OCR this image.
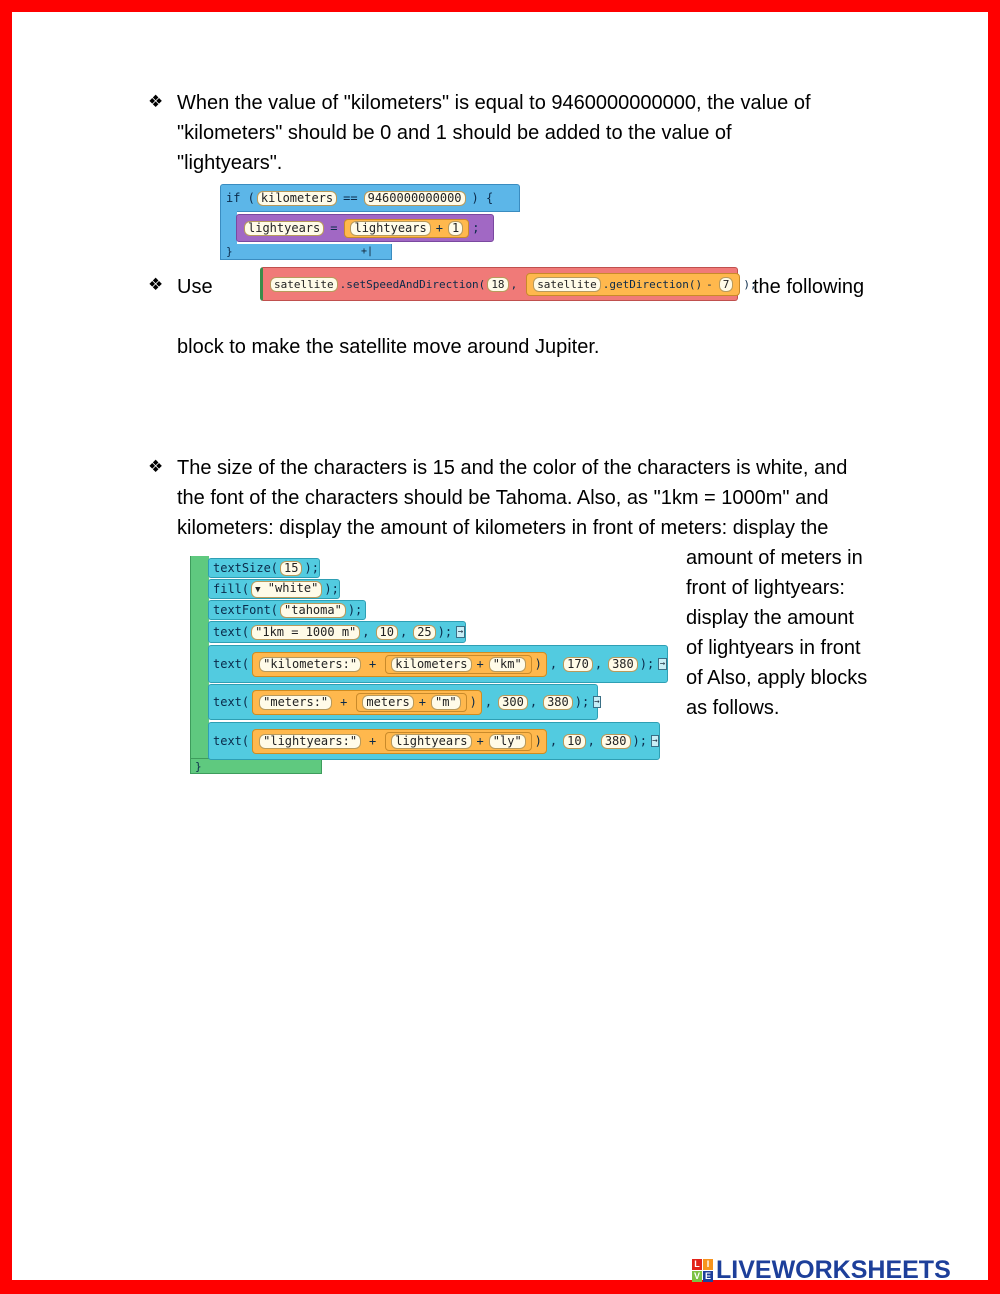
❖ When the value of "kilometers" is equal to 9460000000000, the value of
"kilometers" should be 0 and 1 should be added to the value of
"lightyears".
if ( kilometers == 9460000000000 ) {
lightyears =	lightyears + 1	;
}	+|
❖ Use	satellite .setSpeedAndDirection( 18 ,	satellite .getDirection() - 7	);
the following
block to make the satellite move around Jupiter.
❖ The size of the characters is 15 and the color of the characters is white, and
the font of the characters should be Tahoma. Also, as "1km = 1000m" and
kilometers: display the amount of kilometers in front of meters: display the
amount of meters in
front of lightyears:
display the amount
of lightyears in front
of Also, apply blocks
as follows.
}
textSize( 15 );
fill( ▼ "white" );
textFont( "tahoma" );
text( "1km = 1000 m" , 10 , 25 ); →
text(	"kilometers:"	+	kilometers + "km"	) , 170 , 380 ); →
text(	"meters:"	+	meters + "m"	) , 300 , 380 ); →
text(	"lightyears:"	+	lightyears + "ly"	) , 10 , 380 ); →
L I
V E LIVEWORKSHEETS
